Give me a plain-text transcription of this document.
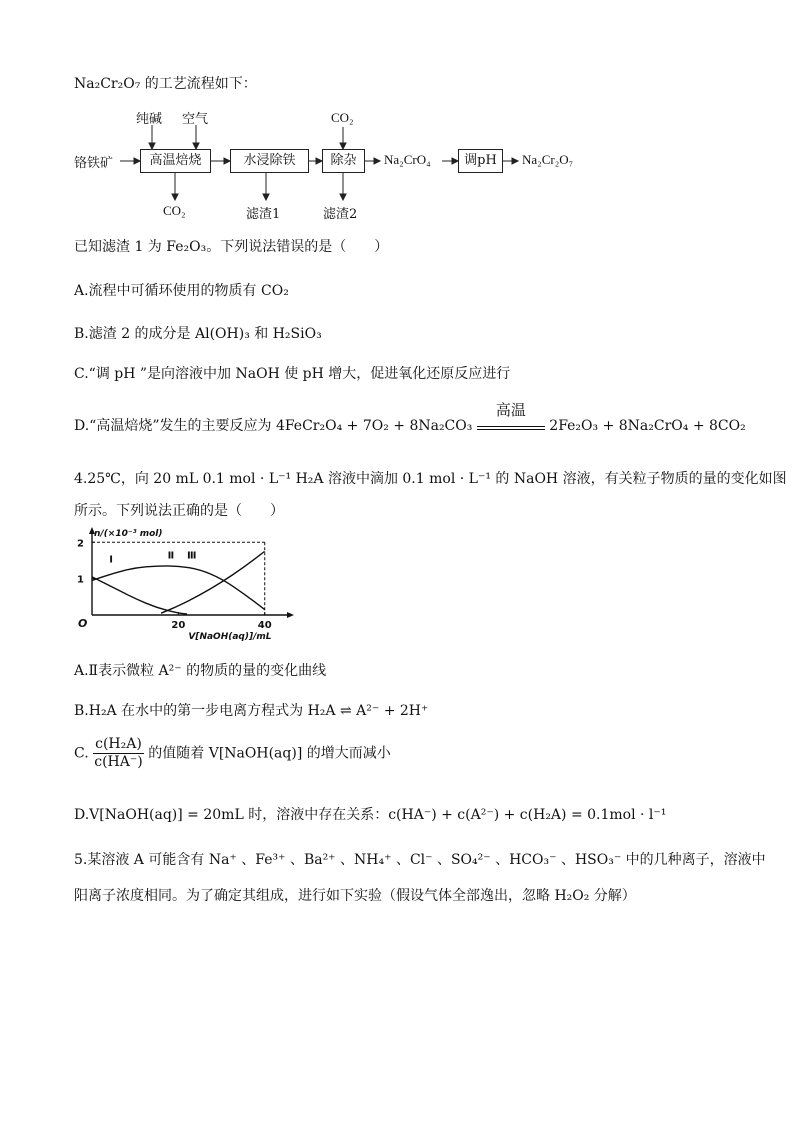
Na₂Cr₂O₇ 的工艺流程如下：
铬铁矿	高温焙烧	水浸除铁	除杂	Na₂CrO₄	调pH	Na₂Cr₂O₇
纯碱 空气	CO₂
CO₂	滤渣1	滤渣2
已知滤渣 1 为 Fe₂O₃。下列说法错误的是（　　）
A.流程中可循环使用的物质有 CO₂
B.滤渣 2 的成分是 Al(OH)₃ 和 H₂SiO₃
C.“调 pH ”是向溶液中加 NaOH 使 pH 增大，促进氧化还原反应进行
D.“高温焙烧”发生的主要反应为 4FeCr₂O₄ + 7O₂ + 8Na₂CO₃
高温
2Fe₂O₃ + 8Na₂CrO₄ + 8CO₂
4.25℃，向 20 mL 0.1 mol · L⁻¹ H₂A 溶液中滴加 0.1 mol · L⁻¹ 的 NaOH 溶液，有关粒子物质的量的变化如图
所示。下列说法正确的是（　　）
20	40
1
2
O
Ⅰ	Ⅱ Ⅲ
n/(×10⁻³ mol)
V[NaOH(aq)]/mL
A.Ⅱ表示微粒 A²⁻ 的物质的量的变化曲线
B.H₂A 在水中的第一步电离方程式为 H₂A ⇌ A²⁻ + 2H⁺
C. $\frac{\text{c(H₂A)}}{c(HA^-)}$ 的值随着 V[NaOH(aq)] 的增大而减小
D.V[NaOH(aq)] = 20mL 时，溶液中存在关系：c(HA⁻) + c(A²⁻) + c(H₂A) = 0.1mol · l⁻¹
5.某溶液 A 可能含有 Na⁺ 、Fe³⁺ 、Ba²⁺ 、NH₄⁺ 、Cl⁻ 、SO₄²⁻ 、HCO₃⁻ 、HSO₃⁻ 中的几种离子，溶液中
阳离子浓度相同。为了确定其组成，进行如下实验（假设气体全部逸出，忽略 H₂O₂ 分解）
